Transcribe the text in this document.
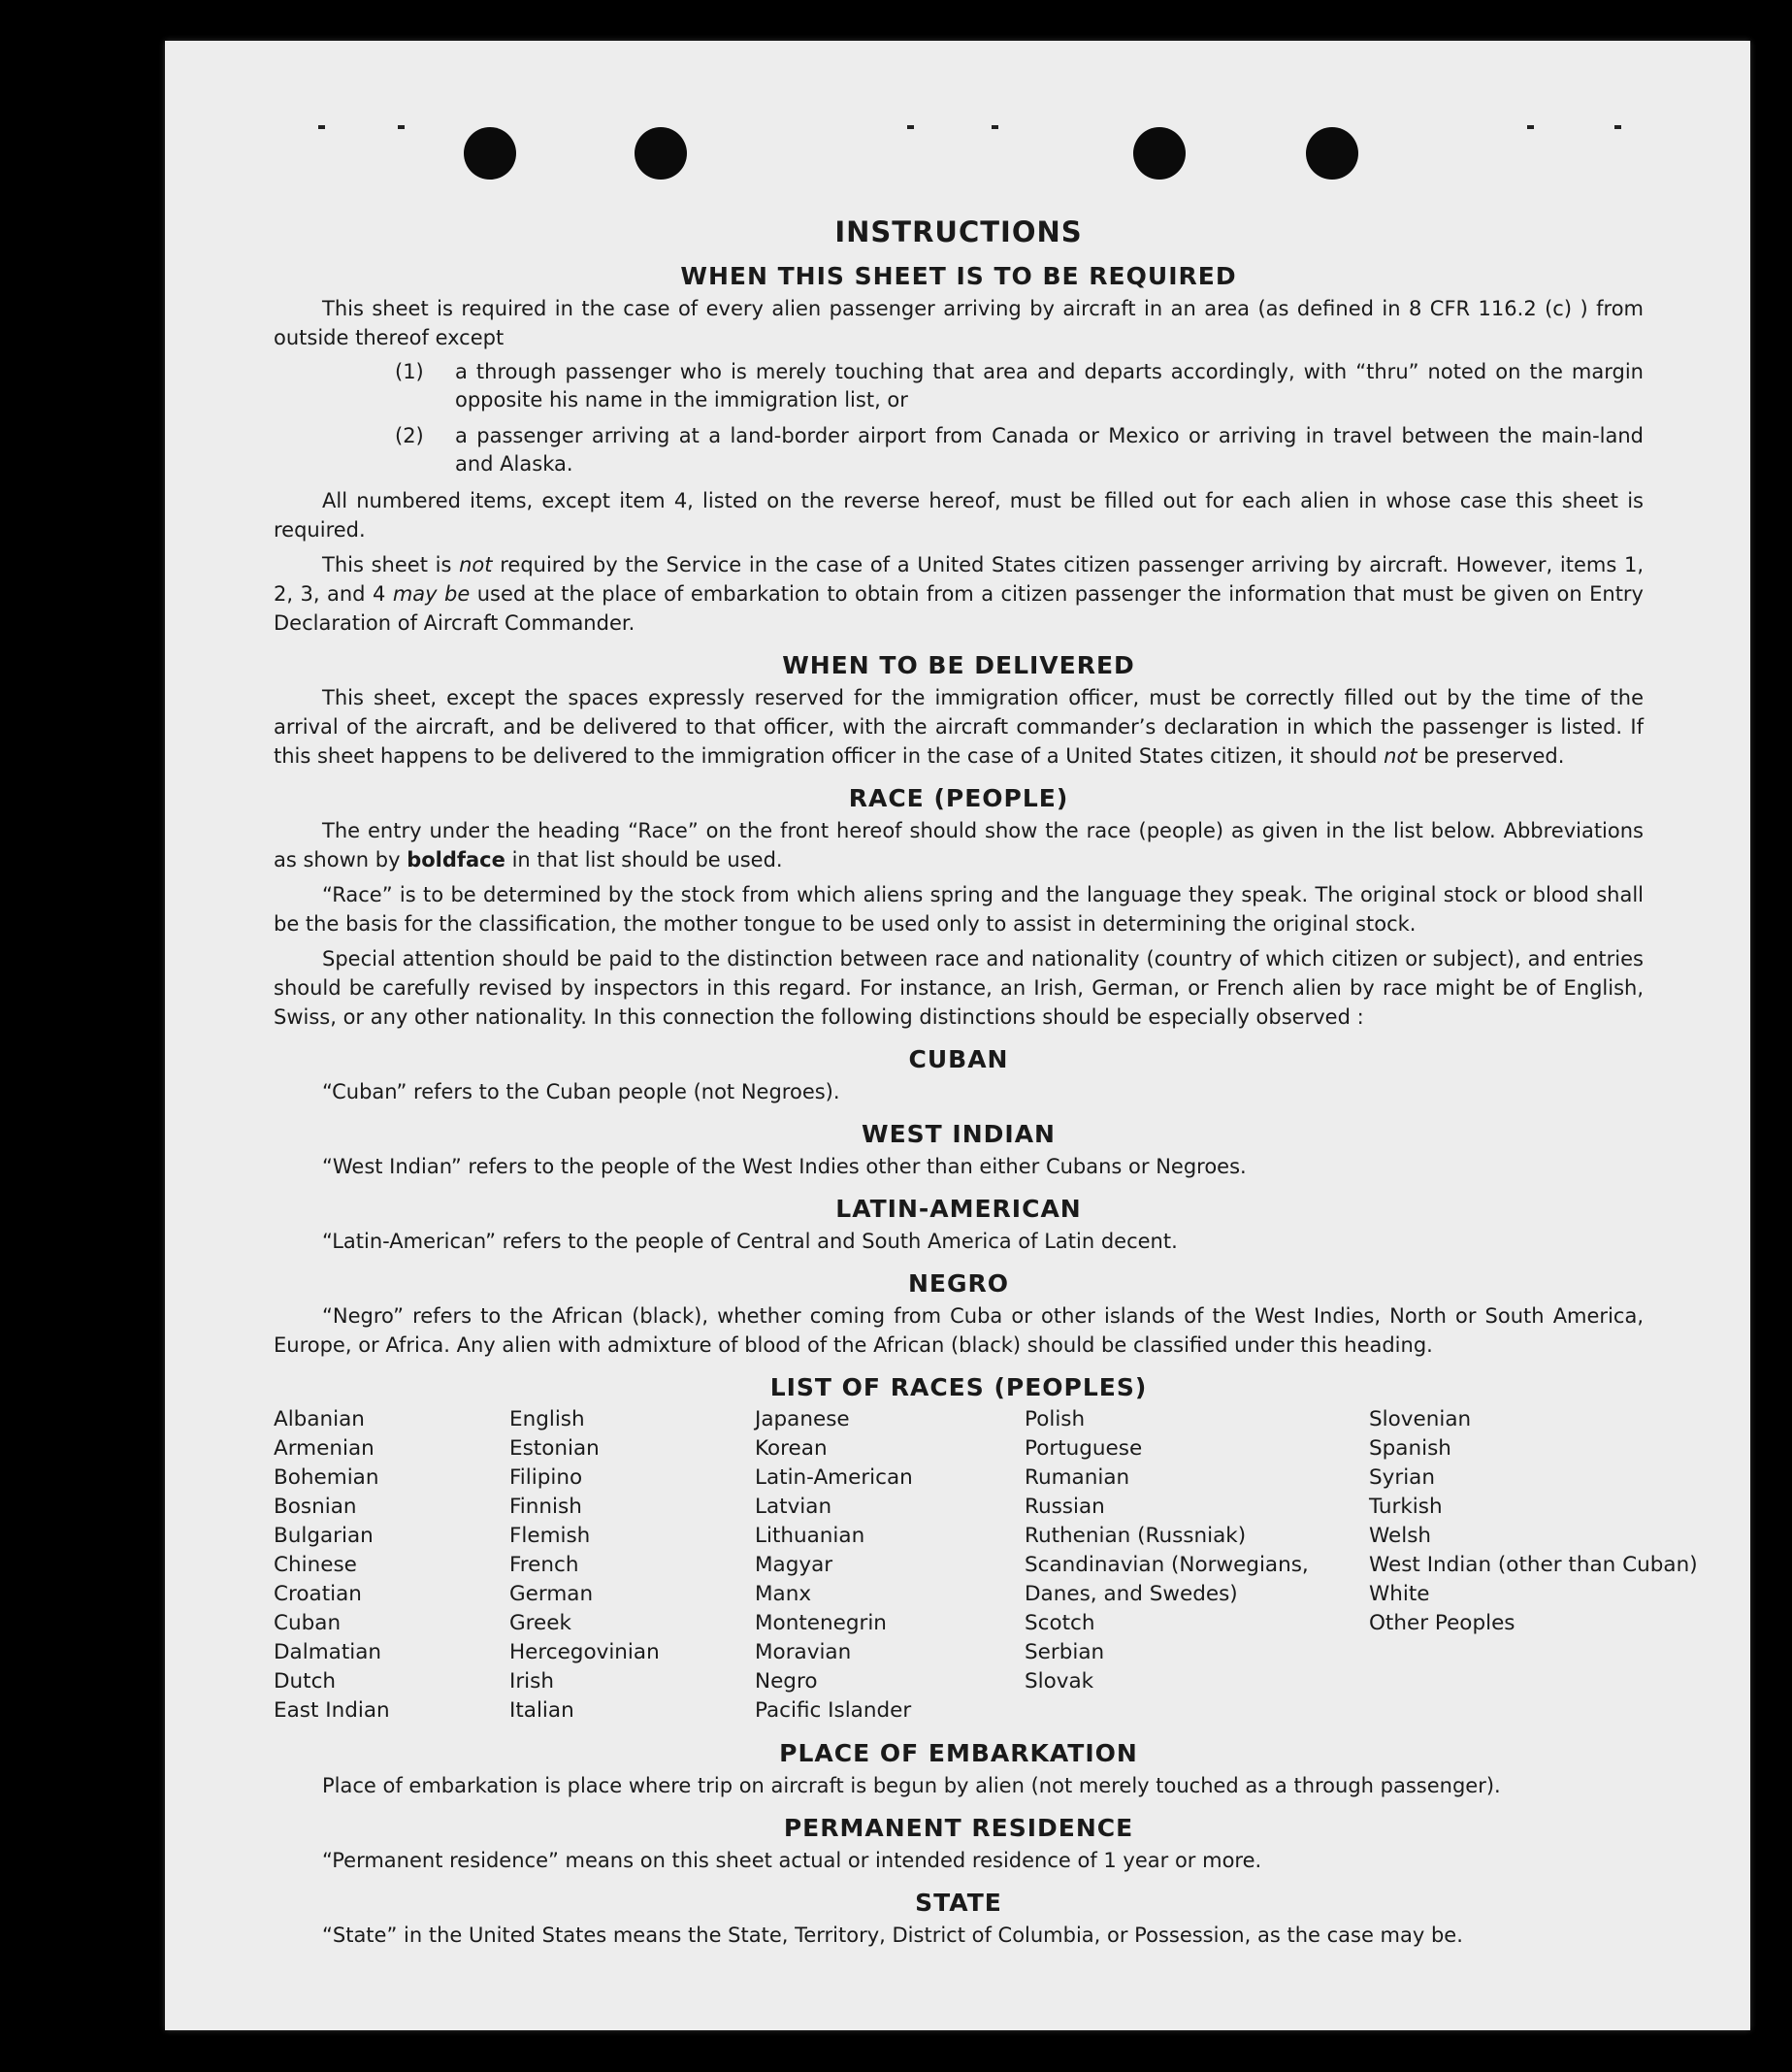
INSTRUCTIONS
WHEN THIS SHEET IS TO BE REQUIRED

This sheet is required in the case of every alien passenger arriving by aircraft in an area (as defined in 8 CFR 116.2 (c) ) from outside thereof except

(1)	a through passenger who is merely touching that area and departs accordingly, with “thru” noted on the margin opposite his name in the immigration list, or
(2)	a passenger arriving at a land-border airport from Canada or Mexico or arriving in travel between the main-land and Alaska.

All numbered items, except item 4, listed on the reverse hereof, must be filled out for each alien in whose case this sheet is required.

This sheet is not required by the Service in the case of a United States citizen passenger arriving by aircraft. However, items 1, 2, 3, and 4 may be used at the place of embarkation to obtain from a citizen passenger the information that must be given on Entry Declaration of Aircraft Commander.

WHEN TO BE DELIVERED

This sheet, except the spaces expressly reserved for the immigration officer, must be correctly filled out by the time of the arrival of the aircraft, and be delivered to that officer, with the aircraft commander’s declaration in which the passenger is listed. If this sheet happens to be delivered to the immigration officer in the case of a United States citizen, it should not be preserved.

RACE (PEOPLE)

The entry under the heading “Race” on the front hereof should show the race (people) as given in the list below. Abbreviations as shown by boldface in that list should be used.

“Race” is to be determined by the stock from which aliens spring and the language they speak. The original stock or blood shall be the basis for the classification, the mother tongue to be used only to assist in determining the original stock.

Special attention should be paid to the distinction between race and nationality (country of which citizen or subject), and entries should be carefully revised by inspectors in this regard. For instance, an Irish, German, or French alien by race might be of English, Swiss, or any other nationality. In this connection the following distinctions should be especially observed :

CUBAN

“Cuban” refers to the Cuban people (not Negroes).

WEST INDIAN

“West Indian” refers to the people of the West Indies other than either Cubans or Negroes.

LATIN-AMERICAN

“Latin-American” refers to the people of Central and South America of Latin decent.

NEGRO

“Negro” refers to the African (black), whether coming from Cuba or other islands of the West Indies, North or South America, Europe, or Africa. Any alien with admixture of blood of the African (black) should be classified under this heading.

LIST OF RACES (PEOPLES)
Albanian
Armenian
Bohemian
Bosnian
Bulgarian
Chinese
Croatian
Cuban
Dalmatian
Dutch
East Indian
English
Estonian
Filipino
Finnish
Flemish
French
German
Greek
Hercegovinian
Irish
Italian
Japanese
Korean
Latin-American
Latvian
Lithuanian
Magyar
Manx
Montenegrin
Moravian
Negro
Pacific Islander
Polish
Portuguese
Rumanian
Russian
Ruthenian (Russniak)
Scandinavian (Norwegians, Danes, and Swedes)
Scotch
Serbian
Slovak
Slovenian
Spanish
Syrian
Turkish
Welsh
West Indian (other than Cuban)
White
Other Peoples
PLACE OF EMBARKATION

Place of embarkation is place where trip on aircraft is begun by alien (not merely touched as a through passenger).

PERMANENT RESIDENCE

“Permanent residence” means on this sheet actual or intended residence of 1 year or more.

STATE

“State” in the United States means the State, Territory, District of Columbia, or Possession, as the case may be.
